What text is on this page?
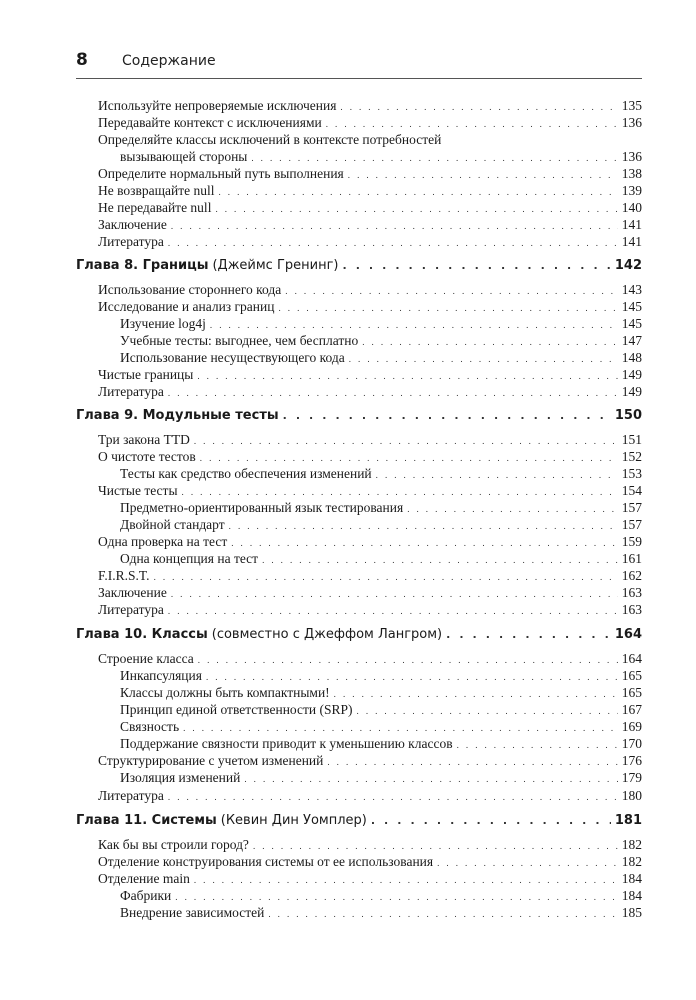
8	Содержание
Используйте непроверяемые исключения . . .	135
Передавайте контекст с исключениями . . .	136
Определяйте классы исключений в контексте потребностей
вызывающей стороны . . .	136
Определите нормальный путь выполнения . . .	138
Не возвращайте null . . .	139
Не передавайте null . . .	140
Заключение . . .	141
Литература . . .	141
Глава 8. Границы (Джеймс Гренинг) . . .	142
Использование стороннего кода . . .	143
Исследование и анализ границ . . .	145
Изучение log4j . . .	145
Учебные тесты: выгоднее, чем бесплатно . . .	147
Использование несуществующего кода . . .	148
Чистые границы . . .	149
Литература . . .	149
Глава 9. Модульные тесты . . .	150
Три закона TTD . . .	151
О чистоте тестов . . .	152
Тесты как средство обеспечения изменений . . .	153
Чистые тесты . . .	154
Предметно-ориентированный язык тестирования . . .	157
Двойной стандарт . . .	157
Одна проверка на тест . . .	159
Одна концепция на тест . . .	161
F.I.R.S.T. . . .	162
Заключение . . .	163
Литература . . .	163
Глава 10. Классы (совместно с Джеффом Лангром) . . .	164
Строение класса . . .	164
Инкапсуляция . . .	165
Классы должны быть компактными! . . .	165
Принцип единой ответственности (SRP) . . .	167
Связность . . .	169
Поддержание связности приводит к уменьшению классов . . .	170
Структурирование с учетом изменений . . .	176
Изоляция изменений . . .	179
Литература . . .	180
Глава 11. Системы (Кевин Дин Уомплер) . . .	181
Как бы вы строили город? . . .	182
Отделение конструирования системы от ее использования . . .	182
Отделение main . . .	184
Фабрики . . .	184
Внедрение зависимостей . . .	185
